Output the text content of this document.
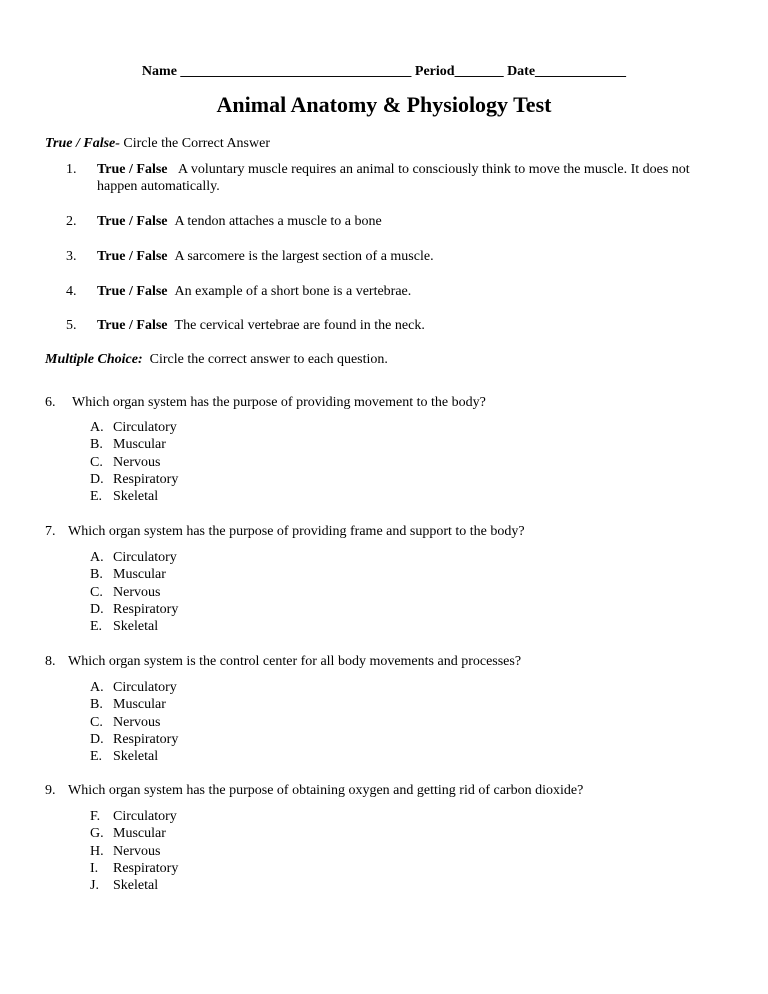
Name _________________________________ Period_______ Date_____________
Animal Anatomy & Physiology Test
True / False- Circle the Correct Answer
1.	True / False A voluntary muscle requires an animal to consciously think to move the muscle. It does not happen automatically.
2.	True / False A tendon attaches a muscle to a bone
3.	True / False A sarcomere is the largest section of a muscle.
4.	True / False An example of a short bone is a vertebrae.
5.	True / False The cervical vertebrae are found in the neck.
Multiple Choice:  Circle the correct answer to each question.
6. Which organ system has the purpose of providing movement to the body?
A. Circulatory
B. Muscular
C. Nervous
D. Respiratory
E. Skeletal
7. Which organ system has the purpose of providing frame and support to the body?
A. Circulatory
B. Muscular
C. Nervous
D. Respiratory
E. Skeletal
8. Which organ system is the control center for all body movements and processes?
A. Circulatory
B. Muscular
C. Nervous
D. Respiratory
E. Skeletal
9. Which organ system has the purpose of obtaining oxygen and getting rid of carbon dioxide?
F. Circulatory
G. Muscular
H. Nervous
I. Respiratory
J. Skeletal
